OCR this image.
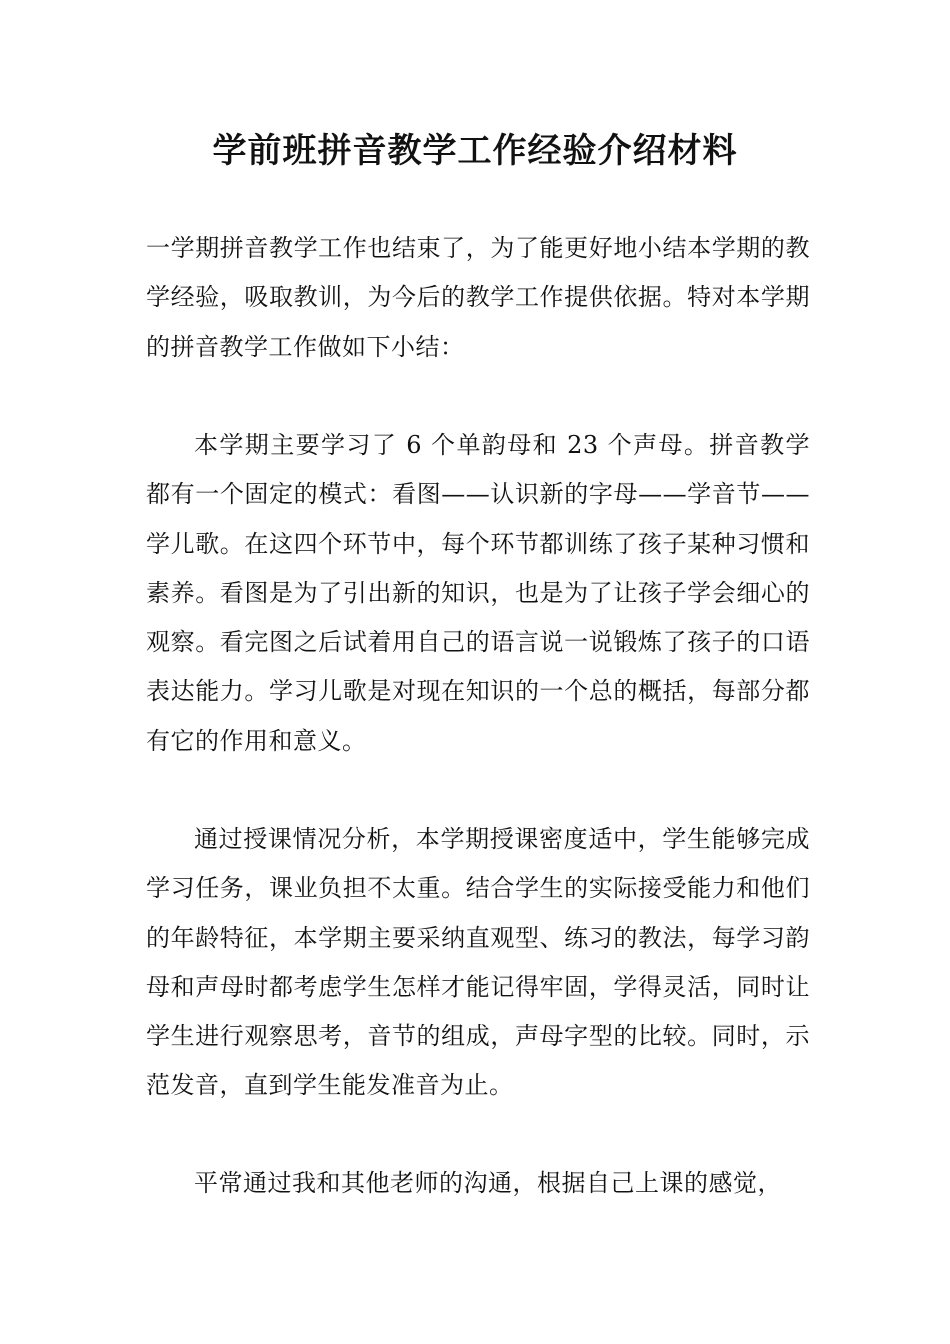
学前班拼音教学工作经验介绍材料

一学期拼音教学工作也结束了，为了能更好地小结本学期的教学经验，吸取教训，为今后的教学工作提供依据。特对本学期的拼音教学工作做如下小结：

本学期主要学习了 6 个单韵母和 23 个声母。拼音教学都有一个固定的模式：看图——认识新的字母——学音节——学儿歌。在这四个环节中，每个环节都训练了孩子某种习惯和素养。看图是为了引出新的知识，也是为了让孩子学会细心的观察。看完图之后试着用自己的语言说一说锻炼了孩子的口语表达能力。学习儿歌是对现在知识的一个总的概括，每部分都有它的作用和意义。

通过授课情况分析，本学期授课密度适中，学生能够完成学习任务，课业负担不太重。结合学生的实际接受能力和他们的年龄特征，本学期主要采纳直观型、练习的教法，每学习韵母和声母时都考虑学生怎样才能记得牢固，学得灵活，同时让学生进行观察思考，音节的组成，声母字型的比较。同时，示范发音，直到学生能发准音为止。

平常通过我和其他老师的沟通，根据自己上课的感觉，
